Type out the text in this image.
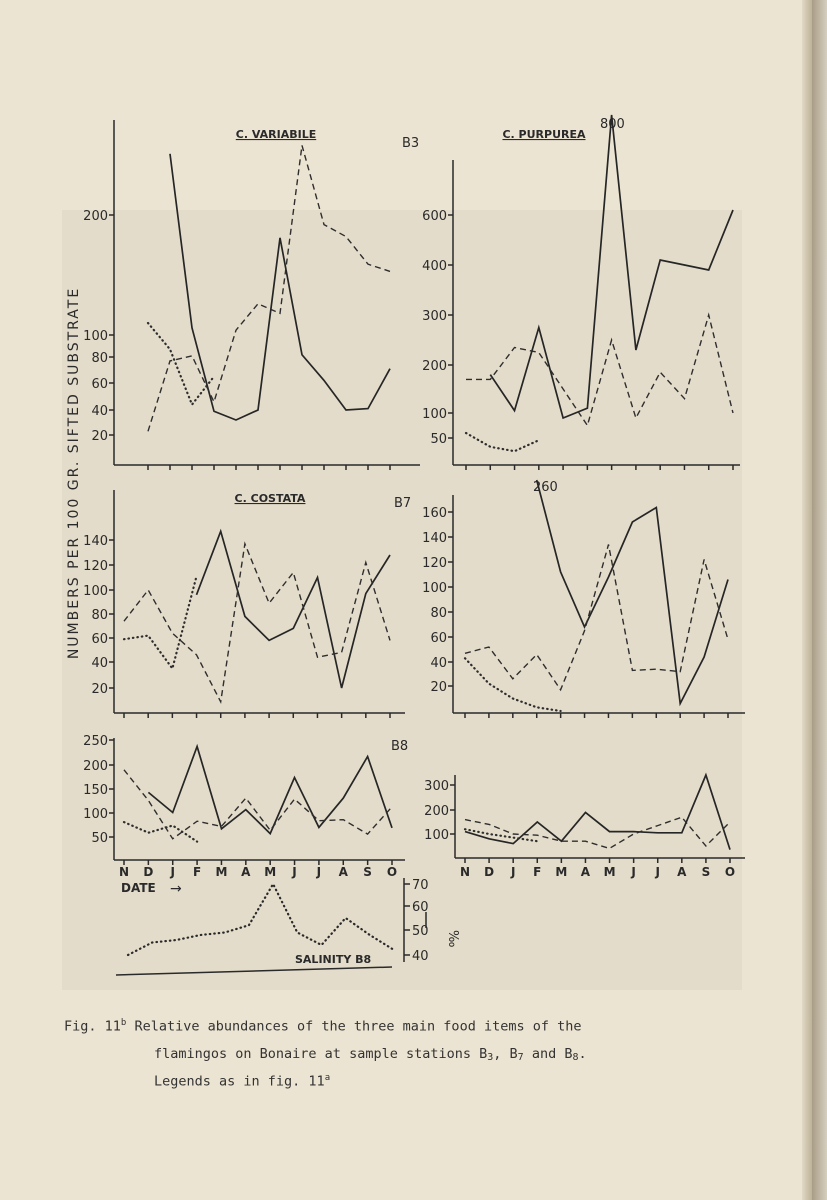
NUMBERS PER 100 GR. SIFTED SUBSTRATE
C. VARIABILE	C. PURPUREA
C. COSTATA
B3
B7
B8
800
260
200
100
80
60
40
20
600
400
300
200
100
50
140
120
100
80
60
40
20
160
140
120
100
80
60
40
20
250
200
150
100
50
300
200
100
N D J F M A M J J A S O	N D J F M A M J J A S O
DATE →	70
60
50
40
SALINITY B8
‰
Fig. 11$^b$ Relative abundances of the three main food items of the
flamingos on Bonaire at sample stations $B_3$, $B_7$ and $B_8$.
Legends as in fig. 11$^a$
